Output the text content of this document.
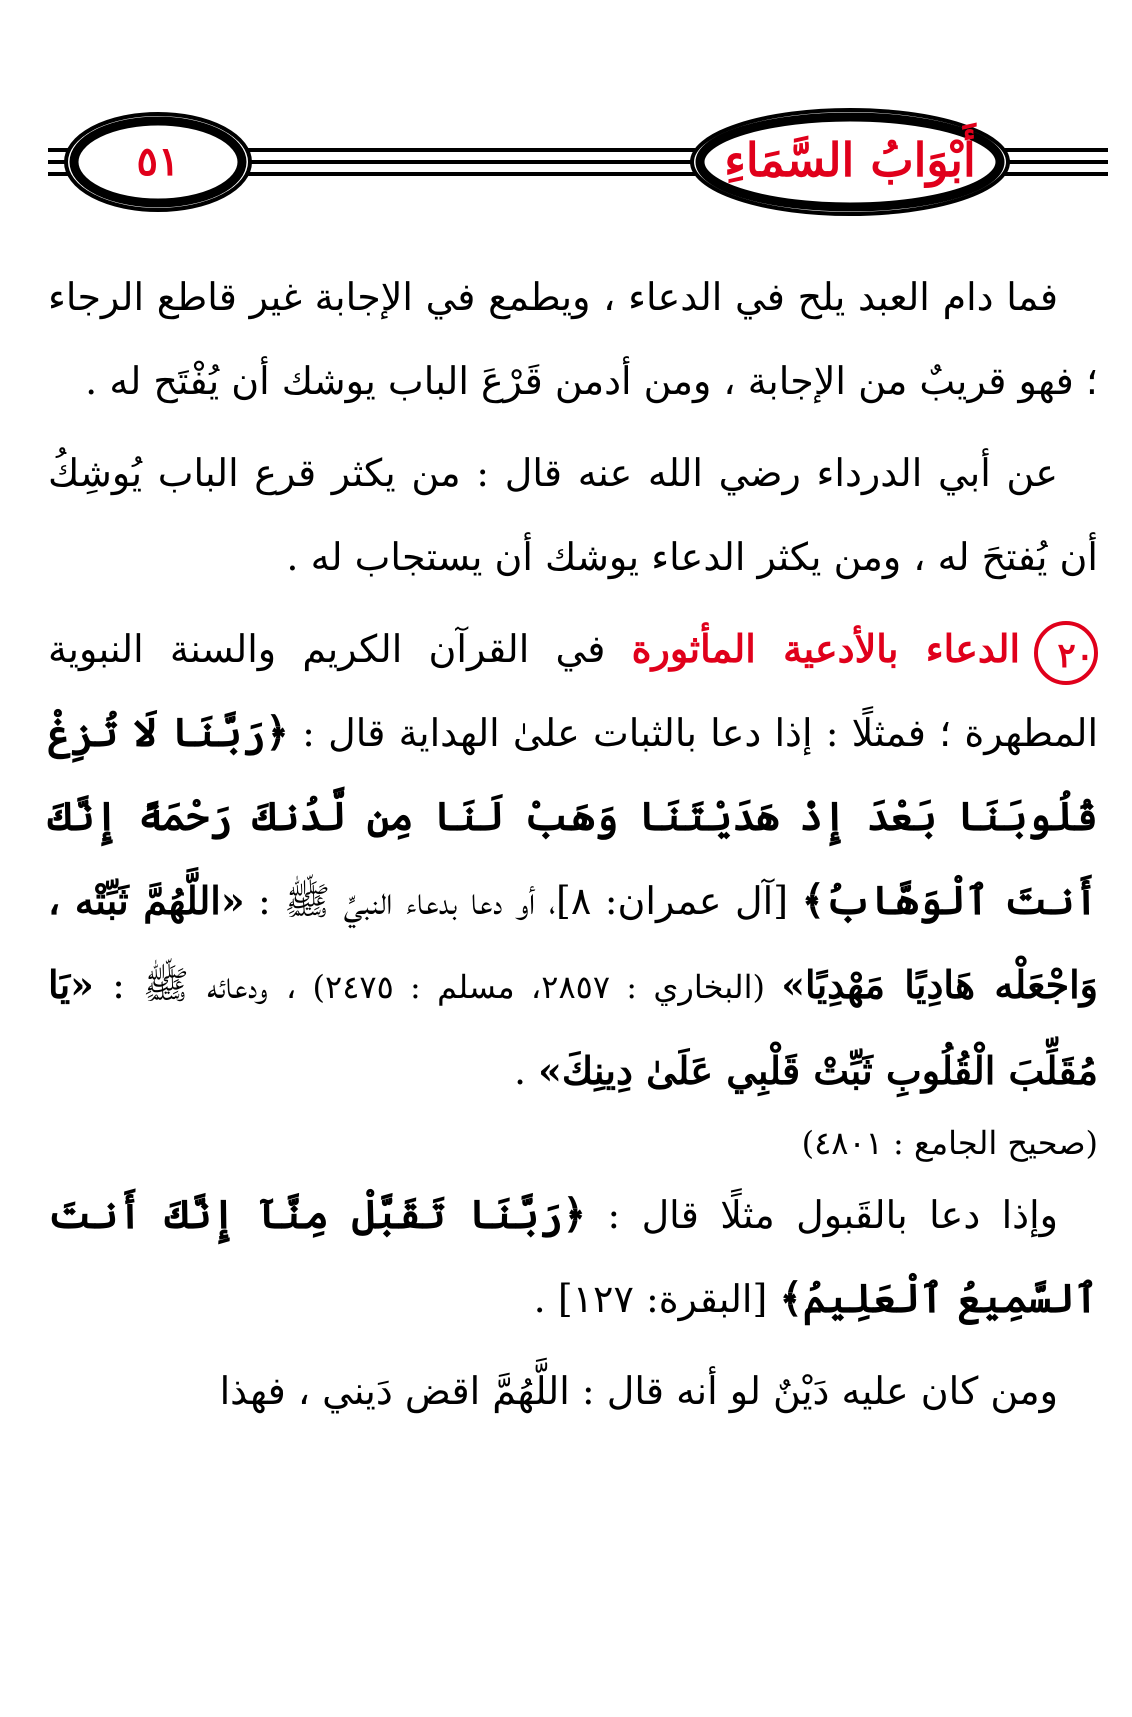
٥١	أَبْوَابُ السَّمَاءِ

فما دام العبد يلح في الدعاء ، ويطمع في الإجابة غير قاطع الرجاء ؛ فهو قريبٌ من الإجابة ، ومن أدمن قَرْعَ الباب يوشك أن يُفْتَح له .

عن أبي الدرداء رضي الله عنه قال : من يكثر قرع الباب يُوشِكُ أن يُفتحَ له ، ومن يكثر الدعاء يوشك أن يستجاب له .

٢٠الدعاء بالأدعية المأثورة في القرآن الكريم والسنة النبوية المطهرة ؛ فمثلًا : إذا دعا بالثبات علىٰ الهداية قال : ﴿رَبَّنَا لَا تُزِغْ قُلُوبَنَا بَعْدَ إِذْ هَدَيْتَنَا وَهَبْ لَنَا مِن لَّدُنكَ رَحْمَةً إِنَّكَ أَنتَ ٱلْوَهَّابُ﴾ [آل عمران: ٨]، أو دعا بدعاء النبيِّ ﷺ : «اللَّهُمَّ ثَبِّتْه ، وَاجْعَلْه هَادِيًا مَهْدِيًا» (البخاري : ٢٨٥٧، مسلم : ٢٤٧٥) ، ودعائه ﷺ : «يَا مُقَلِّبَ الْقُلُوبِ ثَبِّتْ قَلْبِي عَلَىٰ دِينِكَ» .

(صحيح الجامع : ٤٨٠١)

وإذا دعا بالقَبول مثلًا قال : ﴿رَبَّنَا تَقَبَّلْ مِنَّآ إِنَّكَ أَنتَ ٱلسَّمِيعُ ٱلْعَلِيمُ﴾ [البقرة: ١٢٧] .

ومن كان عليه دَيْنٌ لو أنه قال : اللَّهُمَّ اقض دَيني ، فهذا
